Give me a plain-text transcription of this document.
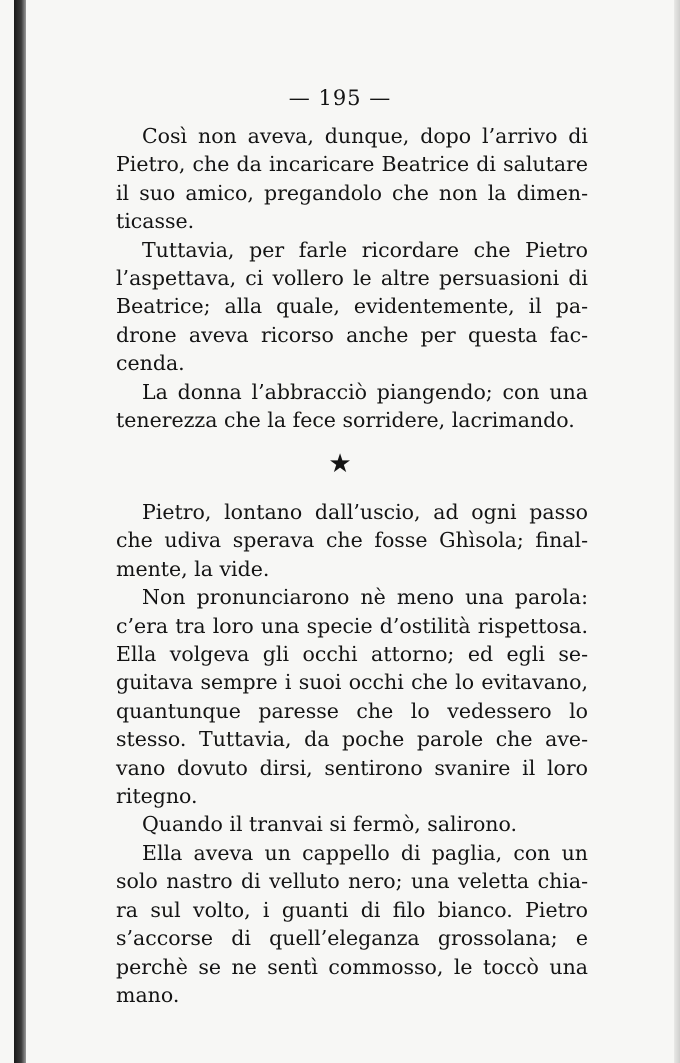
— 195 —

Così non aveva, dunque, dopo l’arrivo di Pietro, che da incaricare Beatrice di salutare il suo amico, pregandolo che non la dimenticasse.

Tuttavia, per farle ricordare che Pietro l’aspettava, ci vollero le altre persuasioni di Beatrice; alla quale, evidentemente, il padrone aveva ricorso anche per questa faccenda.

La donna l’abbracciò piangendo; con una tenerezza che la fece sorridere, lacrimando.

★

Pietro, lontano dall’uscio, ad ogni passo che udiva sperava che fosse Ghìsola; finalmente, la vide.

Non pronunciarono nè meno una parola: c’era tra loro una specie d’ostilità rispettosa. Ella volgeva gli occhi attorno; ed egli seguitava sempre i suoi occhi che lo evitavano, quantunque paresse che lo vedessero lo stesso. Tuttavia, da poche parole che avevano dovuto dirsi, sentirono svanire il loro ritegno.

Quando il tranvai si fermò, salirono.

Ella aveva un cappello di paglia, con un solo nastro di velluto nero; una veletta chiara sul volto, i guanti di filo bianco. Pietro s’accorse di quell’eleganza grossolana; e perchè se ne sentì commosso, le toccò una mano.
